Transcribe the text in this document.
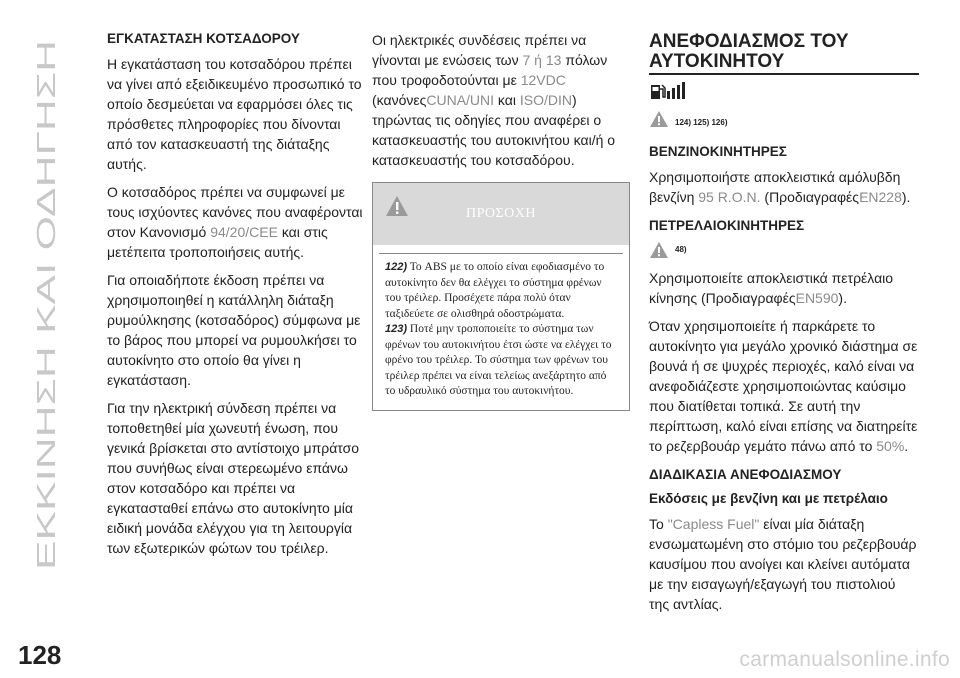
ΕΚΚΙΝΗΣΗ ΚΑΙ ΟΔΗΓΗΣΗ
ΕΓΚΑΤΑΣΤΑΣΗ ΚΟΤΣΑΔΟΡΟΥ

Η εγκατάσταση του κοτσαδόρου πρέπει να γίνει από εξειδικευμένο προσωπικό το οποίο δεσμεύεται να εφαρμόσει όλες τις πρόσθετες πληροφορίες που δίνονται από τον κατασκευαστή της διάταξης αυτής.

Ο κοτσαδόρος πρέπει να συμφωνεί με τους ισχύοντες κανόνες που αναφέρονται στον Κανονισμό 94/20/CEE και στις μετέπειτα τροποποιήσεις αυτής.

Για οποιαδήποτε έκδοση πρέπει να χρησιμοποιηθεί η κατάλληλη διάταξη ρυμούλκησης (κοτσαδόρος) σύμφωνα με το βάρος που μπορεί να ρυμουλκήσει το αυτοκίνητο στο οποίο θα γίνει η εγκατάσταση.

Για την ηλεκτρική σύνδεση πρέπει να τοποθετηθεί μία χωνευτή ένωση, που γενικά βρίσκεται στο αντίστοιχο μπράτσο που συνήθως είναι στερεωμένο επάνω στον κοτσαδόρο και πρέπει να εγκατασταθεί επάνω στο αυτοκίνητο μία ειδική μονάδα ελέγχου για τη λειτουργία των εξωτερικών φώτων του τρέιλερ.

Οι ηλεκτρικές συνδέσεις πρέπει να γίνονται με ενώσεις των 7 ή 13 πόλων που τροφοδοτούνται με 12VDC (κανόνεςCUNA/UNI και ISO/DIN) τηρώντας τις οδηγίες που αναφέρει ο κατασκευαστής του αυτοκινήτου και/ή ο κατασκευαστής του κοτσαδόρου.

ΠΡΟΣΟΧΗ
122) Το ABS με το οποίο είναι εφοδιασμένο το αυτοκίνητο δεν θα ελέγχει το σύστημα φρένων του τρέιλερ. Προσέχετε πάρα πολύ όταν ταξιδεύετε σε ολισθηρά οδοστρώματα.
123) Ποτέ μην τροποποιείτε το σύστημα των φρένων του αυτοκινήτου έτσι ώστε να ελέγχει το φρένο του τρέιλερ. Το σύστημα των φρένων του τρέιλερ πρέπει να είναι τελείως ανεξάρτητο από το υδραυλικό σύστημα του αυτοκινήτου.
ΑΝΕΦΟΔΙΑΣΜΟΣ ΤΟΥ ΑΥΤΟΚΙΝΗΤΟΥ
124) 125) 126)
ΒΕΝΖΙΝΟΚΙΝΗΤΗΡΕΣ

Χρησιμοποιήστε αποκλειστικά αμόλυβδη βενζίνη 95 R.O.N. (ΠροδιαγραφέςEN228).

ΠΕΤΡΕΛΑΙΟΚΙΝΗΤΗΡΕΣ
48)

Χρησιμοποιείτε αποκλειστικά πετρέλαιο κίνησης (ΠροδιαγραφέςEN590).

Όταν χρησιμοποιείτε ή παρκάρετε το αυτοκίνητο για μεγάλο χρονικό διάστημα σε βουνά ή σε ψυχρές περιοχές, καλό είναι να ανεφοδιάζεστε χρησιμοποιώντας καύσιμο που διατίθεται τοπικά. Σε αυτή την περίπτωση, καλό είναι επίσης να διατηρείτε το ρεζερβουάρ γεμάτο πάνω από το 50%.

ΔΙΑΔΙΚΑΣΙΑ ΑΝΕΦΟΔΙΑΣΜΟΥ
Εκδόσεις με βενζίνη και με πετρέλαιο

Το "Capless Fuel" είναι μία διάταξη ενσωματωμένη στο στόμιο του ρεζερβουάρ καυσίμου που ανοίγει και κλείνει αυτόματα με την εισαγωγή/εξαγωγή του πιστολιού της αντλίας.

128	carmanualsonline.info
